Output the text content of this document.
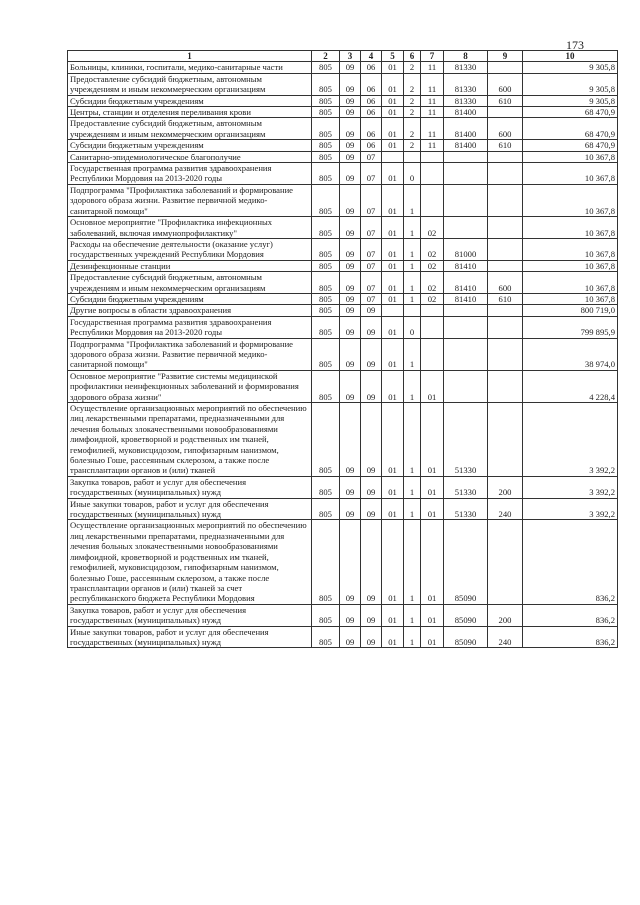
173
1	2	3	4	5	6	7	8	9	10
Больницы, клиники, госпитали, медико-санитарные части	805	09	06	01	2	11	81330		9 305,8
Предоставление субсидий бюджетным, автономным учреждениям и иным некоммерческим организациям	805	09	06	01	2	11	81330	600	9 305,8
Субсидии бюджетным учреждениям	805	09	06	01	2	11	81330	610	9 305,8
Центры, станции и отделения переливания крови	805	09	06	01	2	11	81400		68 470,9
Предоставление субсидий бюджетным, автономным учреждениям и иным некоммерческим организациям	805	09	06	01	2	11	81400	600	68 470,9
Субсидии бюджетным учреждениям	805	09	06	01	2	11	81400	610	68 470,9
Санитарно-эпидемиологическое благополучие	805	09	07						10 367,8
Государственная программа развития здравоохранения Республики Мордовия на 2013-2020 годы	805	09	07	01	0				10 367,8
Подпрограмма "Профилактика заболеваний и формирование здорового образа жизни. Развитие первичной медико-санитарной помощи"	805	09	07	01	1				10 367,8
Основное мероприятие "Профилактика инфекционных заболеваний, включая иммунопрофилактику"	805	09	07	01	1	02			10 367,8
Расходы на обеспечение деятельности (оказание услуг) государственных учреждений Республики Мордовия	805	09	07	01	1	02	81000		10 367,8
Дезинфекционные станции	805	09	07	01	1	02	81410		10 367,8
Предоставление субсидий бюджетным, автономным учреждениям и иным некоммерческим организациям	805	09	07	01	1	02	81410	600	10 367,8
Субсидии бюджетным учреждениям	805	09	07	01	1	02	81410	610	10 367,8
Другие вопросы в области здравоохранения	805	09	09						800 719,0
Государственная программа развития здравоохранения Республики Мордовия на 2013-2020 годы	805	09	09	01	0				799 895,9
Подпрограмма "Профилактика заболеваний и формирование здорового образа жизни. Развитие первичной медико-санитарной помощи"	805	09	09	01	1				38 974,0
Основное мероприятие "Развитие системы медицинской профилактики неинфекционных заболеваний и формирования здорового образа жизни"	805	09	09	01	1	01			4 228,4
Осуществление организационных мероприятий по обеспечению лиц лекарственными препаратами, предназначенными для лечения больных злокачественными новообразованиями лимфоидной, кроветворной и родственных им тканей, гемофилией, муковисцидозом, гипофизарным нанизмом, болезнью Гоше, рассеянным склерозом, а также после трансплантации органов и (или) тканей	805	09	09	01	1	01	51330		3 392,2
Закупка товаров, работ и услуг для обеспечения государственных (муниципальных) нужд	805	09	09	01	1	01	51330	200	3 392,2
Иные закупки товаров, работ и услуг для обеспечения государственных (муниципальных) нужд	805	09	09	01	1	01	51330	240	3 392,2
Осуществление организационных мероприятий по обеспечению лиц лекарственными препаратами, предназначенными для лечения больных злокачественными новообразованиями лимфоидной, кроветворной и родственных им тканей, гемофилией, муковисцидозом, гипофизарным нанизмом, болезнью Гоше, рассеянным склерозом, а также после трансплантации органов и (или) тканей за счет республиканского бюджета Республики Мордовия	805	09	09	01	1	01	85090		836,2
Закупка товаров, работ и услуг для обеспечения государственных (муниципальных) нужд	805	09	09	01	1	01	85090	200	836,2
Иные закупки товаров, работ и услуг для обеспечения государственных (муниципальных) нужд	805	09	09	01	1	01	85090	240	836,2
